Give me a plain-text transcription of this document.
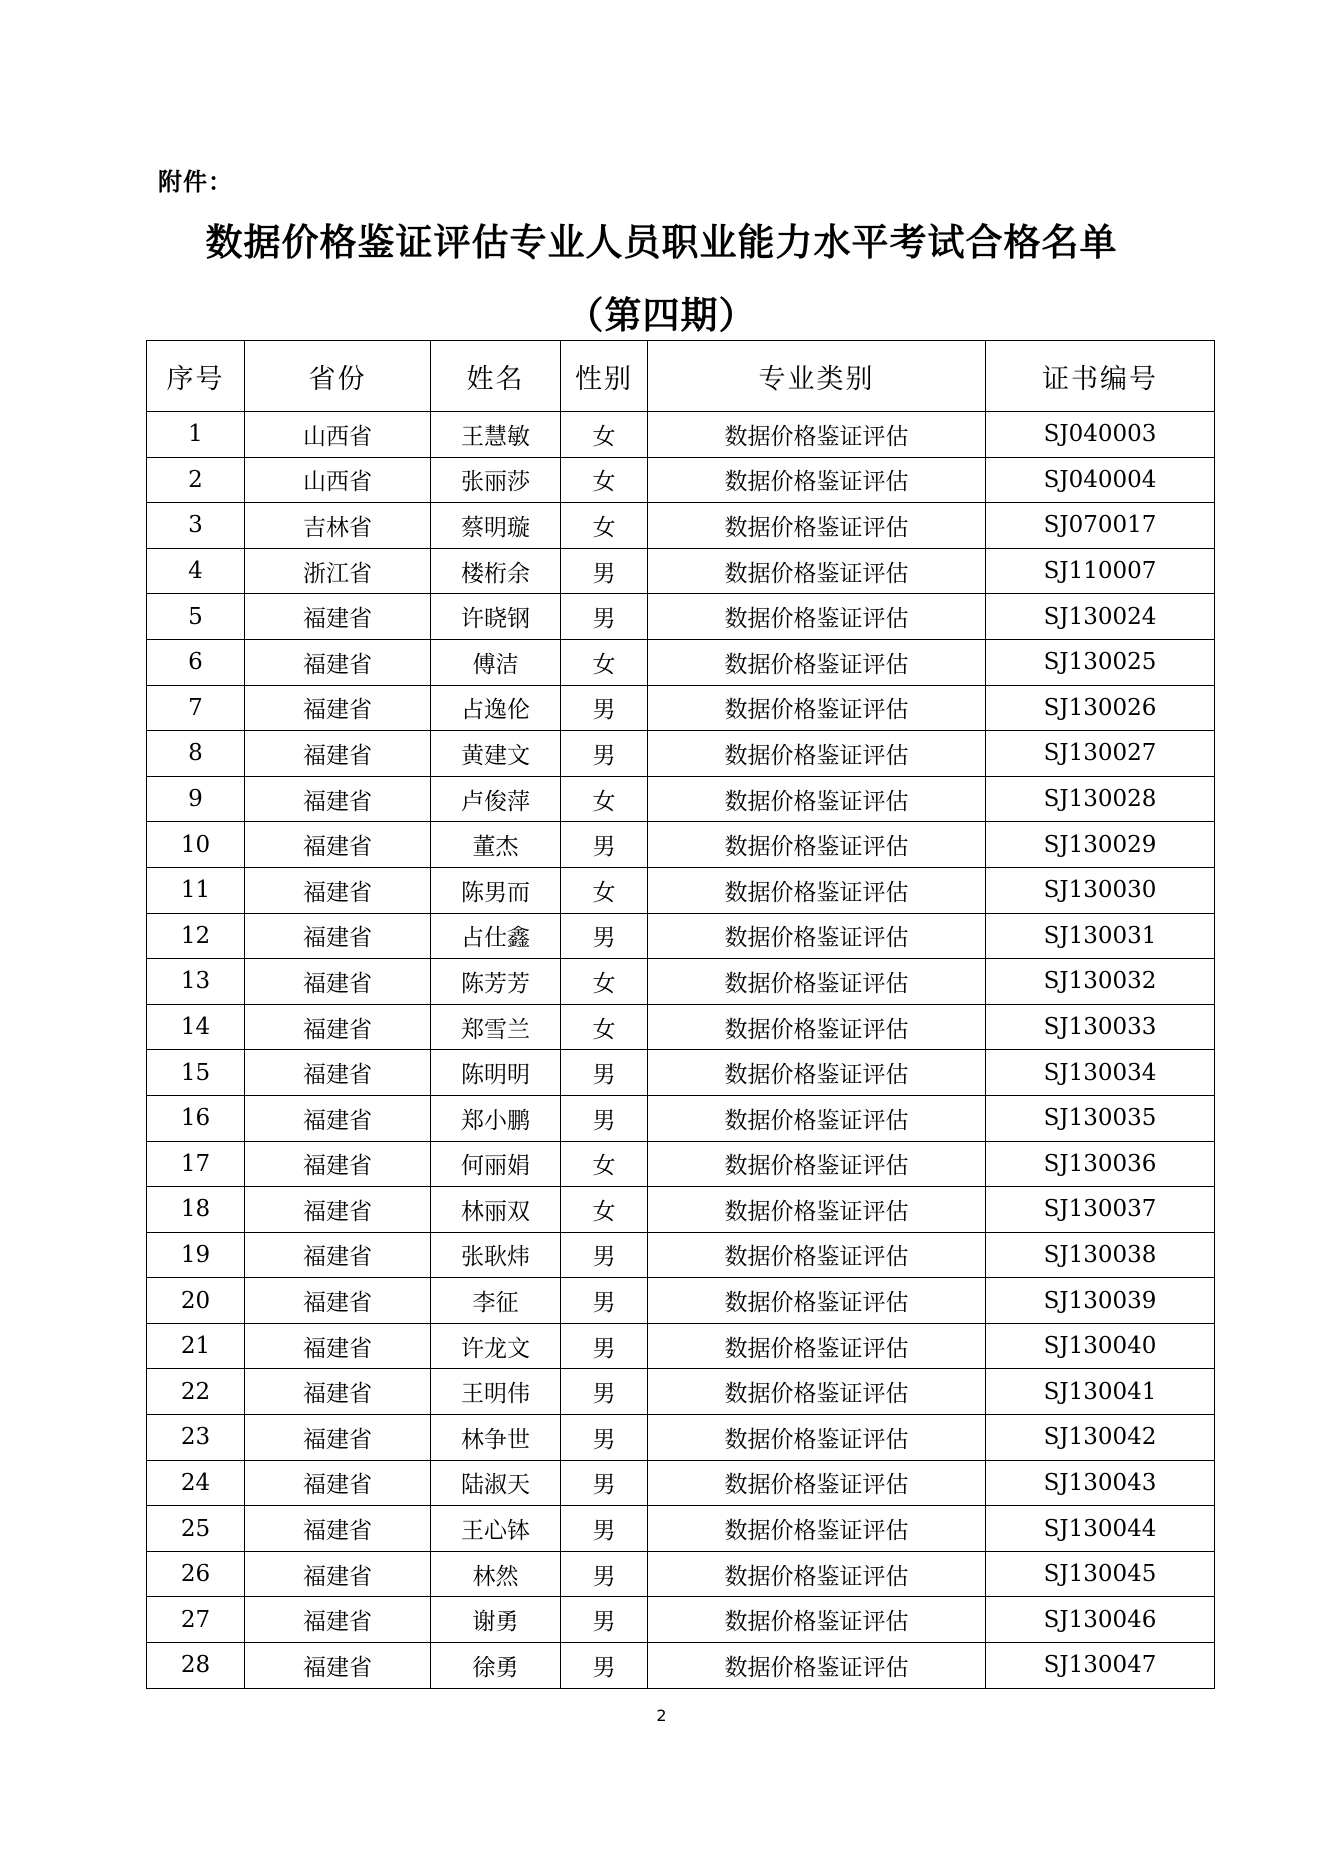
附件：
数据价格鉴证评估专业人员职业能力水平考试合格名单
（第四期）
序号	省份	姓名	性别	专业类别	证书编号
1	山西省	王慧敏	女	数据价格鉴证评估	SJ040003
2	山西省	张丽莎	女	数据价格鉴证评估	SJ040004
3	吉林省	蔡明璇	女	数据价格鉴证评估	SJ070017
4	浙江省	楼桁余	男	数据价格鉴证评估	SJ110007
5	福建省	许晓钢	男	数据价格鉴证评估	SJ130024
6	福建省	傅洁	女	数据价格鉴证评估	SJ130025
7	福建省	占逸伦	男	数据价格鉴证评估	SJ130026
8	福建省	黄建文	男	数据价格鉴证评估	SJ130027
9	福建省	卢俊萍	女	数据价格鉴证评估	SJ130028
10	福建省	董杰	男	数据价格鉴证评估	SJ130029
11	福建省	陈男而	女	数据价格鉴证评估	SJ130030
12	福建省	占仕鑫	男	数据价格鉴证评估	SJ130031
13	福建省	陈芳芳	女	数据价格鉴证评估	SJ130032
14	福建省	郑雪兰	女	数据价格鉴证评估	SJ130033
15	福建省	陈明明	男	数据价格鉴证评估	SJ130034
16	福建省	郑小鹏	男	数据价格鉴证评估	SJ130035
17	福建省	何丽娟	女	数据价格鉴证评估	SJ130036
18	福建省	林丽双	女	数据价格鉴证评估	SJ130037
19	福建省	张耿炜	男	数据价格鉴证评估	SJ130038
20	福建省	李征	男	数据价格鉴证评估	SJ130039
21	福建省	许龙文	男	数据价格鉴证评估	SJ130040
22	福建省	王明伟	男	数据价格鉴证评估	SJ130041
23	福建省	林争世	男	数据价格鉴证评估	SJ130042
24	福建省	陆淑天	男	数据价格鉴证评估	SJ130043
25	福建省	王心钵	男	数据价格鉴证评估	SJ130044
26	福建省	林然	男	数据价格鉴证评估	SJ130045
27	福建省	谢勇	男	数据价格鉴证评估	SJ130046
28	福建省	徐勇	男	数据价格鉴证评估	SJ130047
2
